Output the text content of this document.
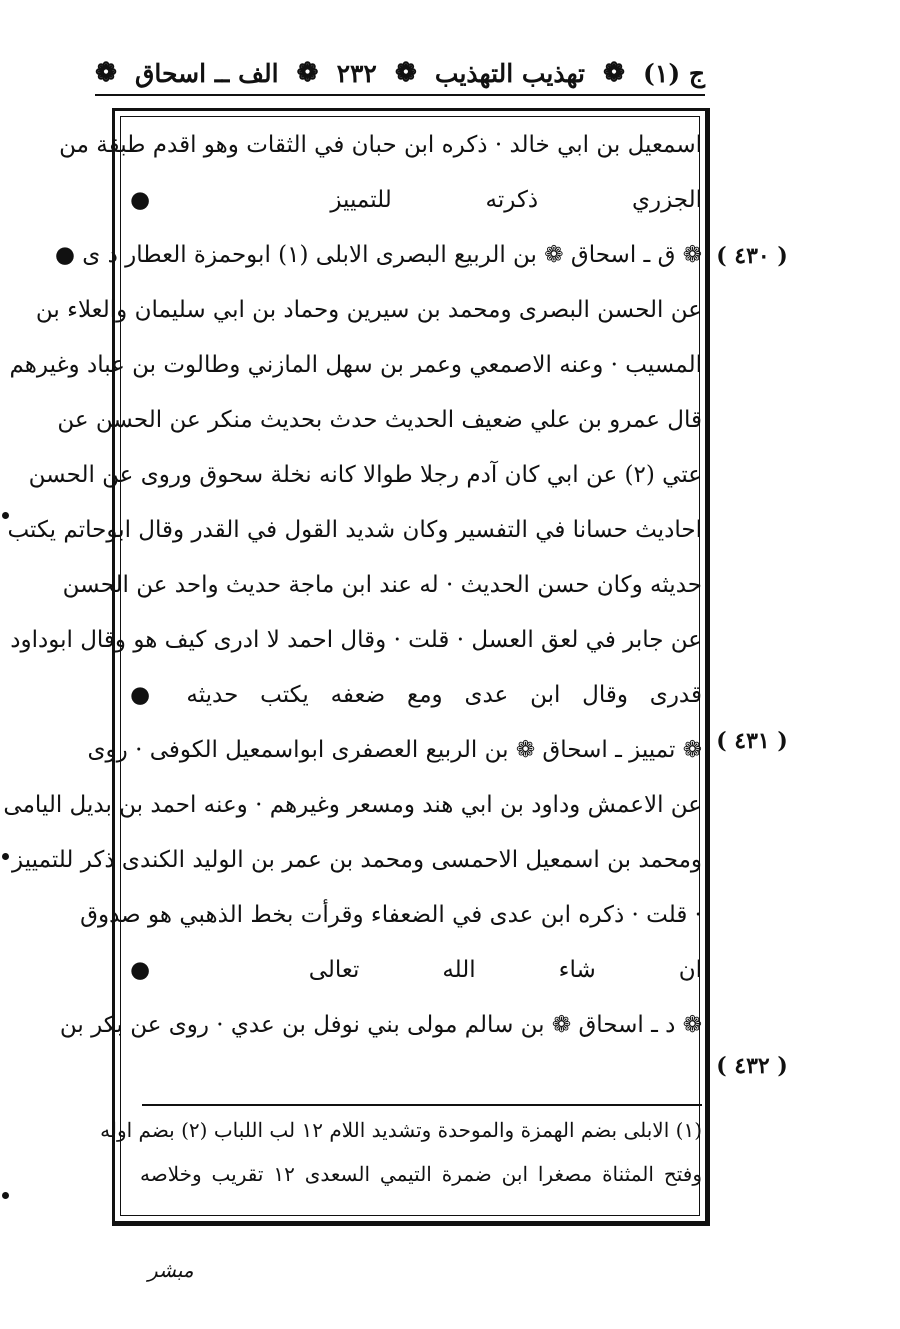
ج (١)
❁
تهذيب التهذيب
❁
٢٣٢
❁
الف ــ اسحاق
❁
اسمعيل بن ابي خالد · ذكره ابن حبان في الثقات وهو اقدم طبقة من
الجزري ذكرته للتمييز ●
❁ ق ـ اسحاق ❁ بن الربيع البصرى الابلى (١) ابوحمزة العطار د ى ●
عن الحسن البصرى ومحمد بن سيرين وحماد بن ابي سليمان والعلاء بن
المسيب · وعنه الاصمعي وعمر بن سهل المازني وطالوت بن عباد وغيرهم
قال عمرو بن علي ضعيف الحديث حدث بحديث منكر عن الحسن عن
عتي (٢) عن ابي كان آدم رجلا طوالا كانه نخلة سحوق وروى عن الحسن
احاديث حسانا في التفسير وكان شديد القول في القدر وقال ابوحاتم يكتب
حديثه وكان حسن الحديث · له عند ابن ماجة حديث واحد عن الحسن
عن جابر في لعق العسل · قلت · وقال احمد لا ادرى كيف هو وقال ابوداود
قدرى وقال ابن عدى ومع ضعفه يكتب حديثه ●
❁ تمييز ـ اسحاق ❁ بن الربيع العصفرى ابواسمعيل الكوفى · روى
عن الاعمش وداود بن ابي هند ومسعر وغيرهم · وعنه احمد بن بديل اليامى
ومحمد بن اسمعيل الاحمسى ومحمد بن عمر بن الوليد الكندى ذكر للتمييز
· قلت · ذكره ابن عدى في الضعفاء وقرأت بخط الذهبي هو صدوق
ان شاء الله تعالى ●
❁ د ـ اسحاق ❁ بن سالم مولى بني نوفل بن عدي · روى عن بكر بن
( ٤٣٠ )
( ٤٣١ )
( ٤٣٢ )
(١) الابلى بضم الهمزة والموحدة وتشديد اللام ١٢ لب اللباب (٢) بضم اوله
وفتح المثناة مصغرا ابن ضمرة التيمي السعدى ١٢ تقريب وخلاصه
مبشر
